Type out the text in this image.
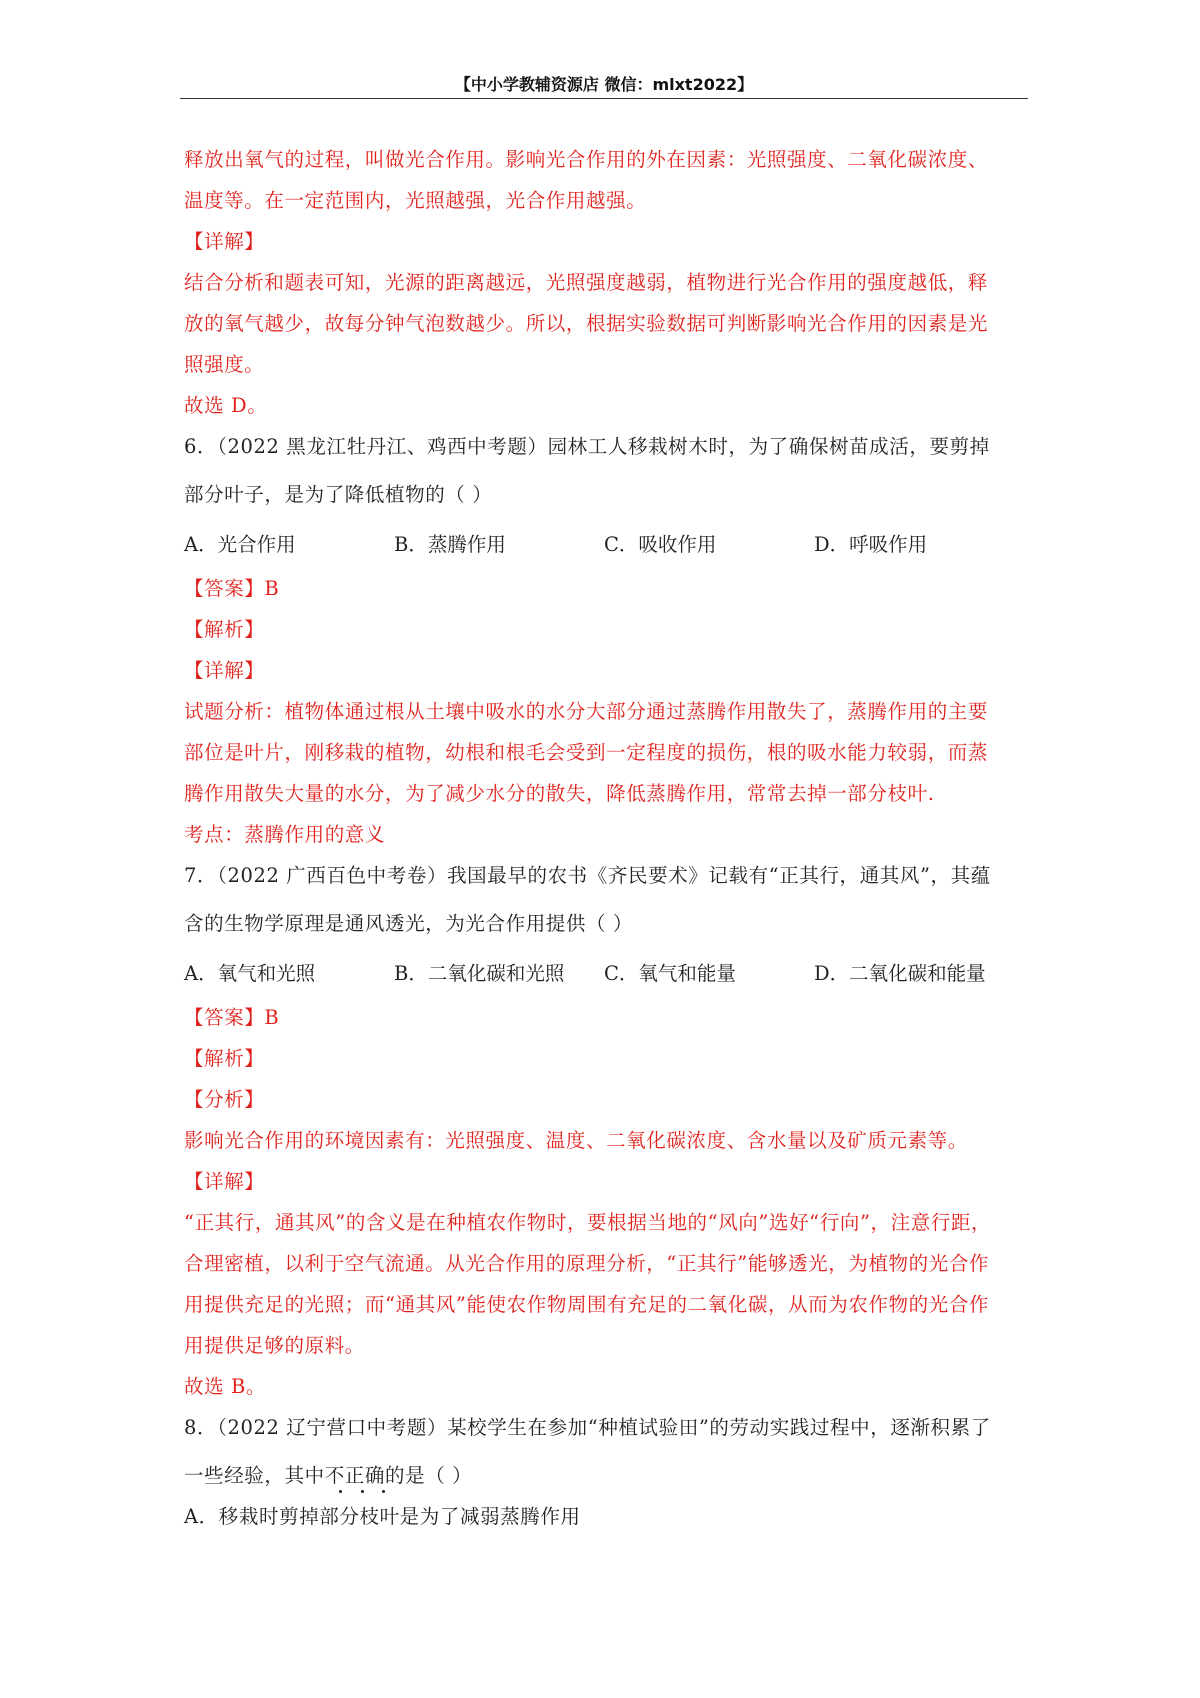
【中小学教辅资源店 微信：mlxt2022】
释放出氧气的过程，叫做光合作用。影响光合作用的外在因素：光照强度、二氧化碳浓度、
温度等。在一定范围内，光照越强，光合作用越强。
【详解】
结合分析和题表可知，光源的距离越远，光照强度越弱，植物进行光合作用的强度越低，释
放的氧气越少，故每分钟气泡数越少。所以，根据实验数据可判断影响光合作用的因素是光
照强度。
故选 D。
6．（2022 黑龙江牡丹江、鸡西中考题）园林工人移栽树木时，为了确保树苗成活，要剪掉
部分叶子，是为了降低植物的（ ）
A．光合作用	B．蒸腾作用	C．吸收作用	D．呼吸作用
【答案】B
【解析】
【详解】
试题分析：植物体通过根从土壤中吸水的水分大部分通过蒸腾作用散失了，蒸腾作用的主要
部位是叶片，刚移栽的植物，幼根和根毛会受到一定程度的损伤，根的吸水能力较弱，而蒸
腾作用散失大量的水分，为了减少水分的散失，降低蒸腾作用，常常去掉一部分枝叶.
考点：蒸腾作用的意义
7．（2022 广西百色中考卷）我国最早的农书《齐民要术》记载有“正其行，通其风”，其蕴
含的生物学原理是通风透光，为光合作用提供（ ）
A．氧气和光照	B．二氧化碳和光照 C．氧气和能量	D．二氧化碳和能量
【答案】B
【解析】
【分析】
影响光合作用的环境因素有：光照强度、温度、二氧化碳浓度、含水量以及矿质元素等。
【详解】
“正其行，通其风”的含义是在种植农作物时，要根据当地的“风向”选好“行向”，注意行距，
合理密植，以利于空气流通。从光合作用的原理分析，“正其行”能够透光，为植物的光合作
用提供充足的光照；而“通其风”能使农作物周围有充足的二氧化碳，从而为农作物的光合作
用提供足够的原料。
故选 B。
8．（2022 辽宁营口中考题）某校学生在参加“种植试验田”的劳动实践过程中，逐渐积累了
一些经验，其中不正确的是（ ）
A．移栽时剪掉部分枝叶是为了减弱蒸腾作用
